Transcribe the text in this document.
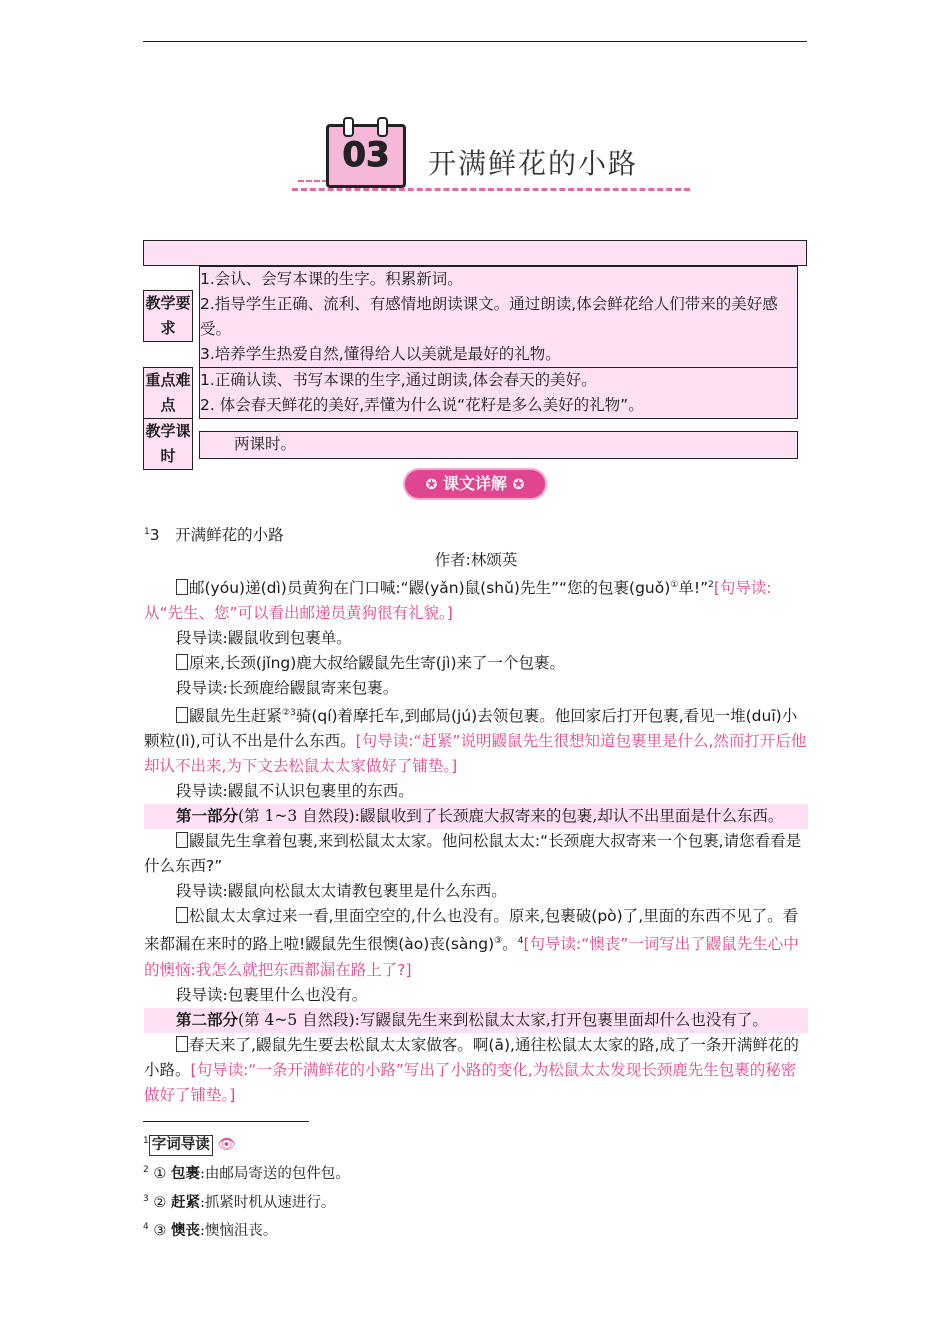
03	开满鲜花的小路
教学要求

1.会认、会写本课的生字。积累新词。

2.指导学生正确、流利、有感情地朗读课文。通过朗读,体会鲜花给人们带来的美好感受。

3.培养学生热爱自然,懂得给人以美就是最好的礼物。

重点难点

1.正确认读、书写本课的生字,通过朗读,体会春天的美好。

2. 体会春天鲜花的美好,弄懂为什么说“花籽是多么美好的礼物”。

教学课时

两课时。

✪ 课文详解 ✪

$^1$3　开满鲜花的小路

作者:林颂英

邮(yóu)递(dì)员黄狗在门口喊:“鼹(yǎn)鼠(shǔ)先生”“您的包裹(guǒ)①单!”$^2$[句导读:从“先生、您”可以看出邮递员黄狗很有礼貌。]

段导读:鼹鼠收到包裹单。

原来,长颈(jǐng)鹿大叔给鼹鼠先生寄(jì)来了一个包裹。

段导读:长颈鹿给鼹鼠寄来包裹。

鼹鼠先生赶紧$^{②3}$骑(qí)着摩托车,到邮局(jú)去领包裹。他回家后打开包裹,看见一堆(duī)小颗粒(lì),可认不出是什么东西。[句导读:“赶紧”说明鼹鼠先生很想知道包裹里是什么,然而打开后他却认不出来,为下文去松鼠太太家做好了铺垫。]

段导读:鼹鼠不认识包裹里的东西。

第一部分(第 1~3 自然段):鼹鼠收到了长颈鹿大叔寄来的包裹,却认不出里面是什么东西。

鼹鼠先生拿着包裹,来到松鼠太太家。他问松鼠太太:“长颈鹿大叔寄来一个包裹,请您看看是什么东西?”

段导读:鼹鼠向松鼠太太请教包裹里是什么东西。

松鼠太太拿过来一看,里面空空的,什么也没有。原来,包裹破(pò)了,里面的东西不见了。看来都漏在来时的路上啦!鼹鼠先生很懊(ào)丧(sàng)③。$^4$[句导读:“懊丧”一词写出了鼹鼠先生心中的懊恼:我怎么就把东西都漏在路上了?]

段导读:包裹里什么也没有。

第二部分(第 4~5 自然段):写鼹鼠先生来到松鼠太太家,打开包裹里面却什么也没有了。

春天来了,鼹鼠先生要去松鼠太太家做客。啊(ā),通往松鼠太太家的路,成了一条开满鲜花的小路。[句导读:“一条开满鲜花的小路”写出了小路的变化,为松鼠太太发现长颈鹿先生包裹的秘密做好了铺垫。]

$^1$ 字词导读 👁

$^2$ ① 包裹:由邮局寄送的包件包。

$^3$ ② 赶紧:抓紧时机从速进行。

$^4$ ③ 懊丧:懊恼沮丧。
